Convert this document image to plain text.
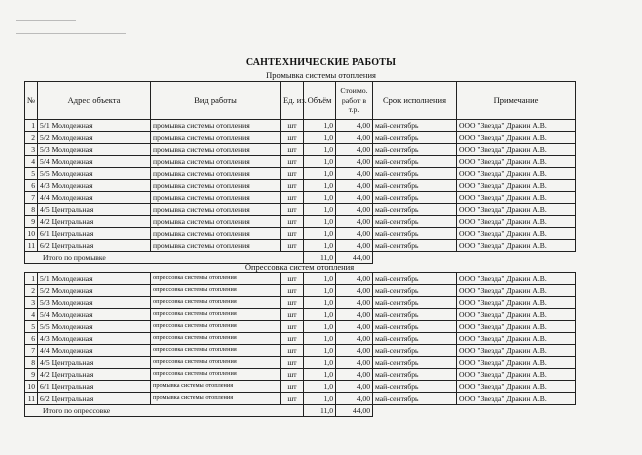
САНТЕХНИЧЕСКИЕ РАБОТЫ
Промывка системы отопления
№	Адрес объекта	Вид работы	Ед. из.	Объём	Стоимо. работ в т.р.	Срок исполнения	Примечание
1	5/1 Молодежная	промывка системы отопления	шт	1,0	4,00	май-сентябрь	ООО "Звезда" Дракин А.В.
2	5/2 Молодежная	промывка системы отопления	шт	1,0	4,00	май-сентябрь	ООО "Звезда" Дракин А.В.
3	5/3 Молодежная	промывка системы отопления	шт	1,0	4,00	май-сентябрь	ООО "Звезда" Дракин А.В.
4	5/4 Молодежная	промывка системы отопления	шт	1,0	4,00	май-сентябрь	ООО "Звезда" Дракин А.В.
5	5/5 Молодежная	промывка системы отопления	шт	1,0	4,00	май-сентябрь	ООО "Звезда" Дракин А.В.
6	4/3 Молодежная	промывка системы отопления	шт	1,0	4,00	май-сентябрь	ООО "Звезда" Дракин А.В.
7	4/4 Молодежная	промывка системы отопления	шт	1,0	4,00	май-сентябрь	ООО "Звезда" Дракин А.В.
8	4/5 Центральная	промывка системы отопления	шт	1,0	4,00	май-сентябрь	ООО "Звезда" Дракин А.В.
9	4/2 Центральная	промывка системы отопления	шт	1,0	4,00	май-сентябрь	ООО "Звезда" Дракин А.В.
10	6/1 Центральная	промывка системы отопления	шт	1,0	4,00	май-сентябрь	ООО "Звезда" Дракин А.В.
11	6/2 Центральная	промывка системы отопления	шт	1,0	4,00	май-сентябрь	ООО "Звезда" Дракин А.В.
Итого по промывке				11,0	44,00		
Опрессовка систем отопления
1	5/1 Молодежная	опрессовка системы отопления	шт	1,0	4,00	май-сентябрь	ООО "Звезда" Дракин А.В.
2	5/2 Молодежная	опрессовка системы отопления	шт	1,0	4,00	май-сентябрь	ООО "Звезда" Дракин А.В.
3	5/3 Молодежная	опрессовка системы отопления	шт	1,0	4,00	май-сентябрь	ООО "Звезда" Дракин А.В.
4	5/4 Молодежная	опрессовка системы отопления	шт	1,0	4,00	май-сентябрь	ООО "Звезда" Дракин А.В.
5	5/5 Молодежная	опрессовка системы отопления	шт	1,0	4,00	май-сентябрь	ООО "Звезда" Дракин А.В.
6	4/3 Молодежная	опрессовка системы отопления	шт	1,0	4,00	май-сентябрь	ООО "Звезда" Дракин А.В.
7	4/4 Молодежная	опрессовка системы отопления	шт	1,0	4,00	май-сентябрь	ООО "Звезда" Дракин А.В.
8	4/5 Центральная	опрессовка системы отопления	шт	1,0	4,00	май-сентябрь	ООО "Звезда" Дракин А.В.
9	4/2 Центральная	опрессовка системы отопления	шт	1,0	4,00	май-сентябрь	ООО "Звезда" Дракин А.В.
10	6/1 Центральная	промывка системы отопления	шт	1,0	4,00	май-сентябрь	ООО "Звезда" Дракин А.В.
11	6/2 Центральная	промывка системы отопления	шт	1,0	4,00	май-сентябрь	ООО "Звезда" Дракин А.В.
Итого по опрессовке				11,0	44,00		
